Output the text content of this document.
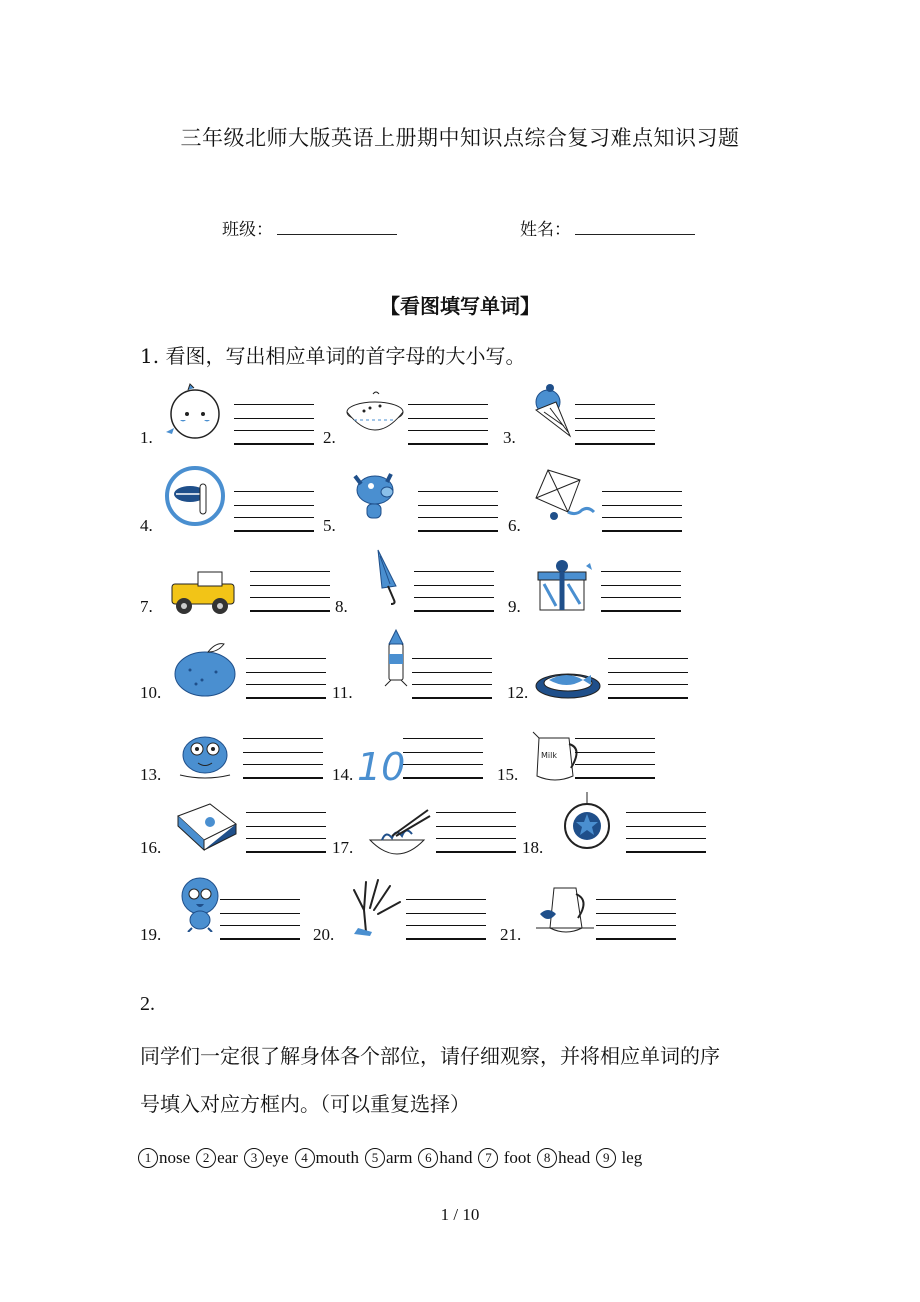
三年级北师大版英语上册期中知识点综合复习难点知识习题
班级：	姓名：
【看图填写单词】
1. 看图，写出相应单词的首字母的大小写。
1.	2.	3.
4.	5.	6.
7.	8.	9.
10.	11.	12.
13.	14. 10	15.
Milk
16.	17.	18.
19.	20.	21.
2.
同学们一定很了解身体各个部位，请仔细观察，并将相应单词的序
号填入对应方框内。（可以重复选择）
1 nose 2 ear 3 eye 4 mouth 5 arm 6 hand 7 foot 8 head 9 leg
1 / 10
